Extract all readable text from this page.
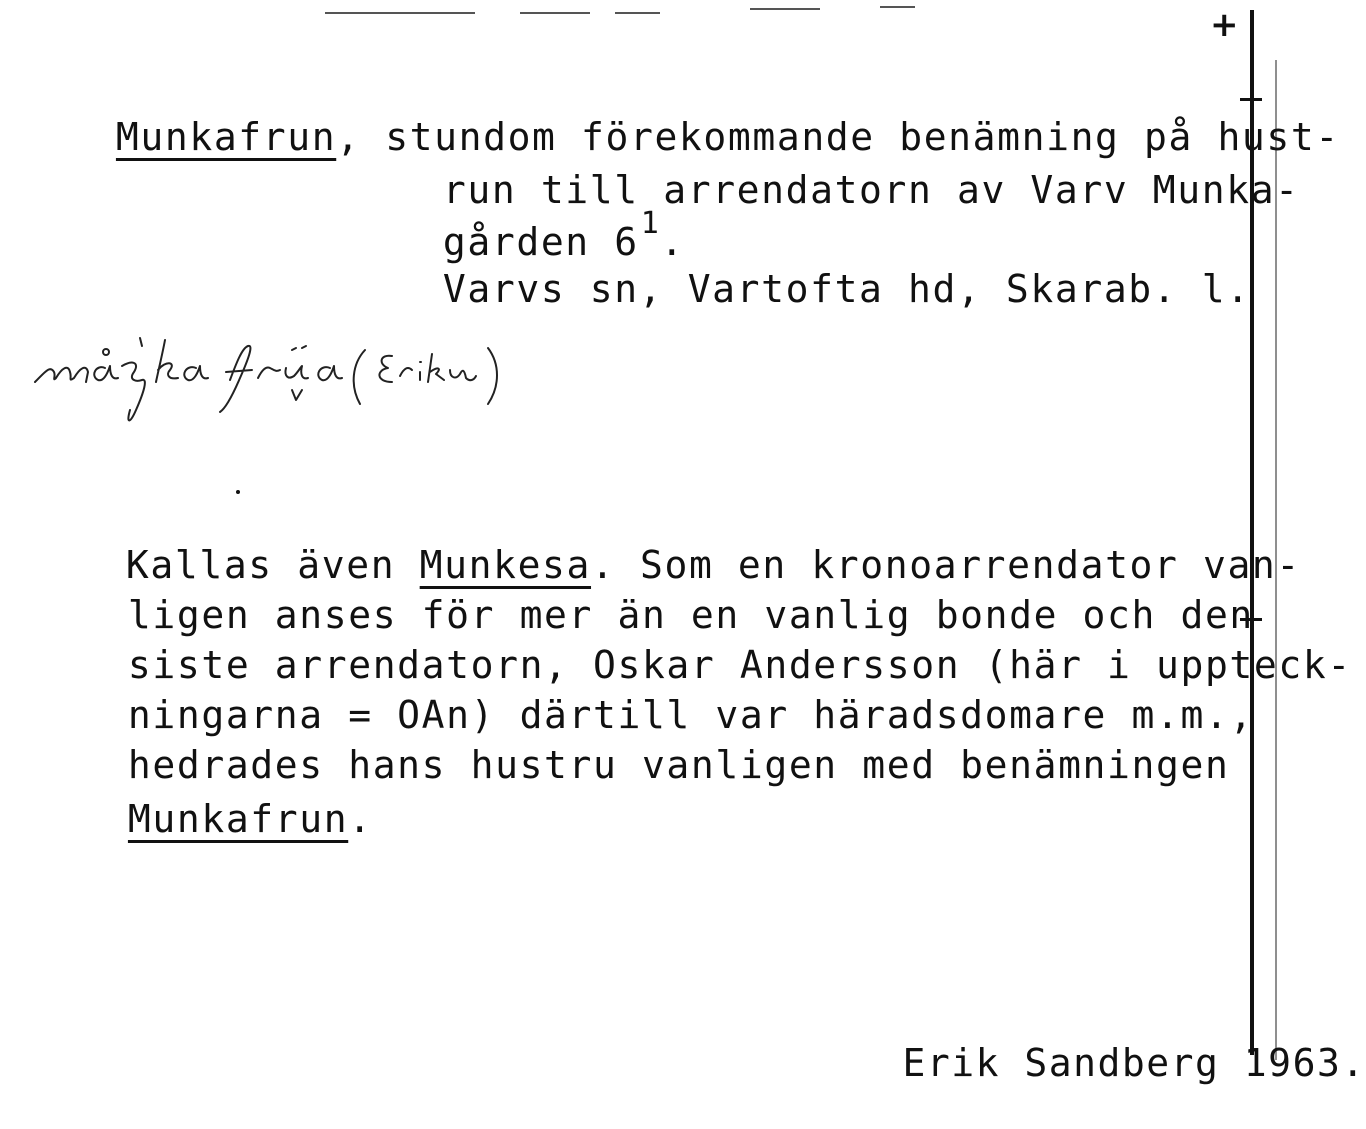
+

Munkafrun, stundom förekommande benämning på hust-

run till arrendatorn av Varv Munka-

gården $6^1$.

Varvs sn, Vartofta hd, Skarab. l.

Kallas även Munkesa. Som en kronoarrendator van-

ligen anses för mer än en vanlig bonde och den

siste arrendatorn, Oskar Andersson (här i uppteck-

ningarna = OAn) därtill var häradsdomare m.m.,

hedrades hans hustru vanligen med benämningen

Munkafrun.

Erik Sandberg 1963.
